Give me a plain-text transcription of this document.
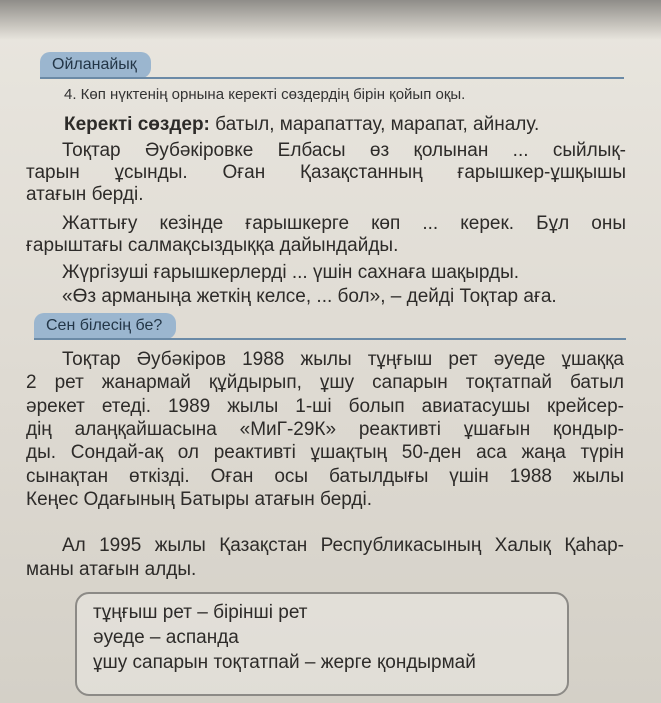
Ойланайық

4. Көп нүктенің орнына керекті сөздердің бірін қойып оқы.

Керекті сөздер: батыл, марапаттау, марапат, айналу.

Тоқтар Әубәкіровке Елбасы өз қолынан ... сыйлық-

тарын ұсынды. Оған Қазақстанның ғарышкер-ұшқышы

атағын берді.

Жаттығу кезінде ғарышкерге көп ... керек. Бұл оны

ғарыштағы салмақсыздыққа дайындайды.

Жүргізуші ғарышкерлерді ... үшін сахнаға шақырды.

«Өз арманыңа жеткің келсе, ... бол», – дейді Тоқтар аға.

Сен білесің бе?

Тоқтар Әубәкіров 1988 жылы тұңғыш рет әуеде ұшаққа

2 рет жанармай құйдырып, ұшу сапарын тоқтатпай батыл

әрекет етеді. 1989 жылы 1-ші болып авиатасушы крейсер-

дің алаңқайшасына «МиГ-29К» реактивті ұшағын қондыр-

ды. Сондай-ақ ол реактивті ұшақтың 50-ден аса жаңа түрін

сынақтан өткізді. Оған осы батылдығы үшін 1988 жылы

Кеңес Одағының Батыры атағын берді.

Ал 1995 жылы Қазақстан Республикасының Халық Қаһар-

маны атағын алды.

тұңғыш рет – бірінші рет
әуеде – аспанда
ұшу сапарын тоқтатпай – жерге қондырмай
